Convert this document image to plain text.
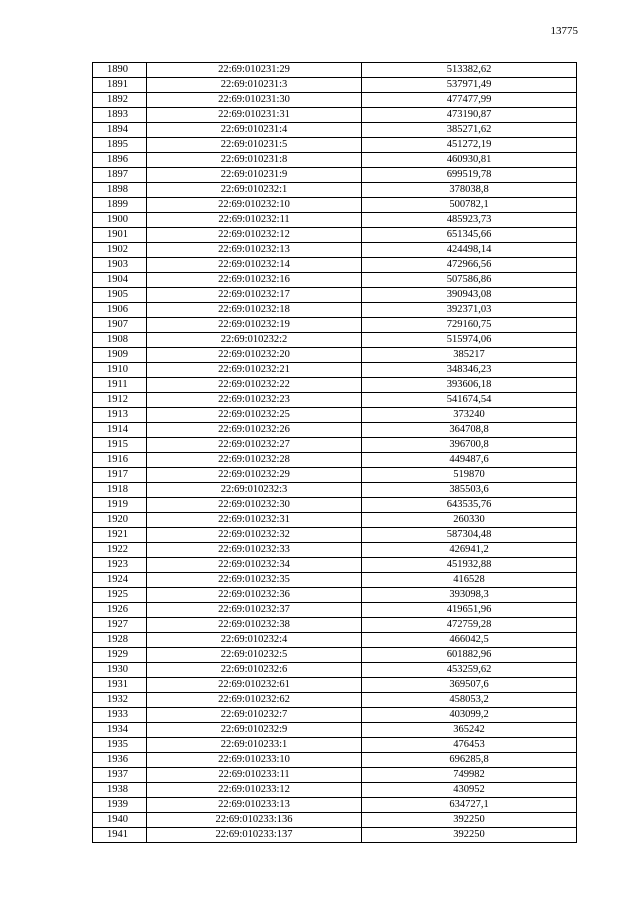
13775
1890	22:69:010231:29	513382,62
1891	22:69:010231:3	537971,49
1892	22:69:010231:30	477477,99
1893	22:69:010231:31	473190,87
1894	22:69:010231:4	385271,62
1895	22:69:010231:5	451272,19
1896	22:69:010231:8	460930,81
1897	22:69:010231:9	699519,78
1898	22:69:010232:1	378038,8
1899	22:69:010232:10	500782,1
1900	22:69:010232:11	485923,73
1901	22:69:010232:12	651345,66
1902	22:69:010232:13	424498,14
1903	22:69:010232:14	472966,56
1904	22:69:010232:16	507586,86
1905	22:69:010232:17	390943,08
1906	22:69:010232:18	392371,03
1907	22:69:010232:19	729160,75
1908	22:69:010232:2	515974,06
1909	22:69:010232:20	385217
1910	22:69:010232:21	348346,23
1911	22:69:010232:22	393606,18
1912	22:69:010232:23	541674,54
1913	22:69:010232:25	373240
1914	22:69:010232:26	364708,8
1915	22:69:010232:27	396700,8
1916	22:69:010232:28	449487,6
1917	22:69:010232:29	519870
1918	22:69:010232:3	385503,6
1919	22:69:010232:30	643535,76
1920	22:69:010232:31	260330
1921	22:69:010232:32	587304,48
1922	22:69:010232:33	426941,2
1923	22:69:010232:34	451932,88
1924	22:69:010232:35	416528
1925	22:69:010232:36	393098,3
1926	22:69:010232:37	419651,96
1927	22:69:010232:38	472759,28
1928	22:69:010232:4	466042,5
1929	22:69:010232:5	601882,96
1930	22:69:010232:6	453259,62
1931	22:69:010232:61	369507,6
1932	22:69:010232:62	458053,2
1933	22:69:010232:7	403099,2
1934	22:69:010232:9	365242
1935	22:69:010233:1	476453
1936	22:69:010233:10	696285,8
1937	22:69:010233:11	749982
1938	22:69:010233:12	430952
1939	22:69:010233:13	634727,1
1940	22:69:010233:136	392250
1941	22:69:010233:137	392250
